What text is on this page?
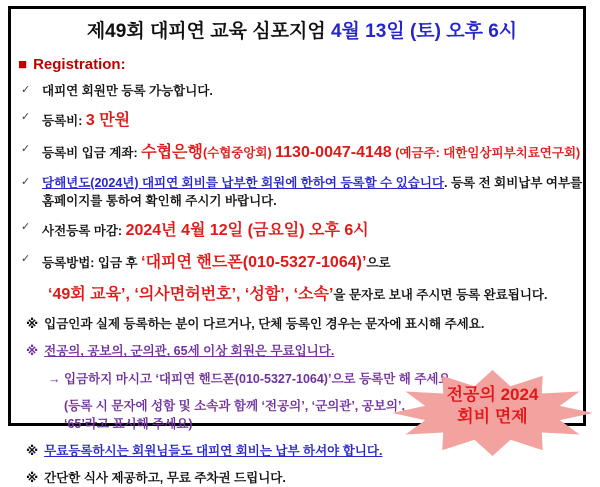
제49회 대피연 교육 심포지엄 4월 13일 (토) 오후 6시
■ Registration:
✓ 대피연 회원만 등록 가능합니다.
✓ 등록비: 3 만원
✓ 등록비 입금 계좌: 수협은행(수협중앙회) 1130-0047-4148 (예금주: 대한임상피부치료연구회)
✓ 당해년도(2024년) 대피연 회비를 납부한 회원에 한하여 등록할 수 있습니다. 등록 전 회비납부 여부를 홈페이지를 통하여 확인해 주시기 바랍니다.
✓ 사전등록 마감: 2024년 4월 12일 (금요일) 오후 6시
✓ 등록방법: 입금 후 ‘대피연 핸드폰(010-5327-1064)’으로
‘49회 교육’, ‘의사면허번호’, ‘성함’, ‘소속’을 문자로 보내 주시면 등록 완료됩니다.
※ 입금인과 실제 등록하는 분이 다르거나, 단체 등록인 경우는 문자에 표시해 주세요.
※ 전공의, 공보의, 군의관, 65세 이상 회원은 무료입니다.
→ 입금하지 마시고 ‘대피연 핸드폰(010-5327-1064)’으로 등록만 해 주세요.
(등록 시 문자에 성함 및 소속과 함께 ‘전공의’, ‘군의관’, 공보의’, ‘65’라고 표시해 주세요)
※ 무료등록하시는 회원님들도 대피연 회비는 납부 하셔야 합니다.
※ 간단한 식사 제공하고, 무료 주차권 드립니다.
전공의 2024
회비 면제
